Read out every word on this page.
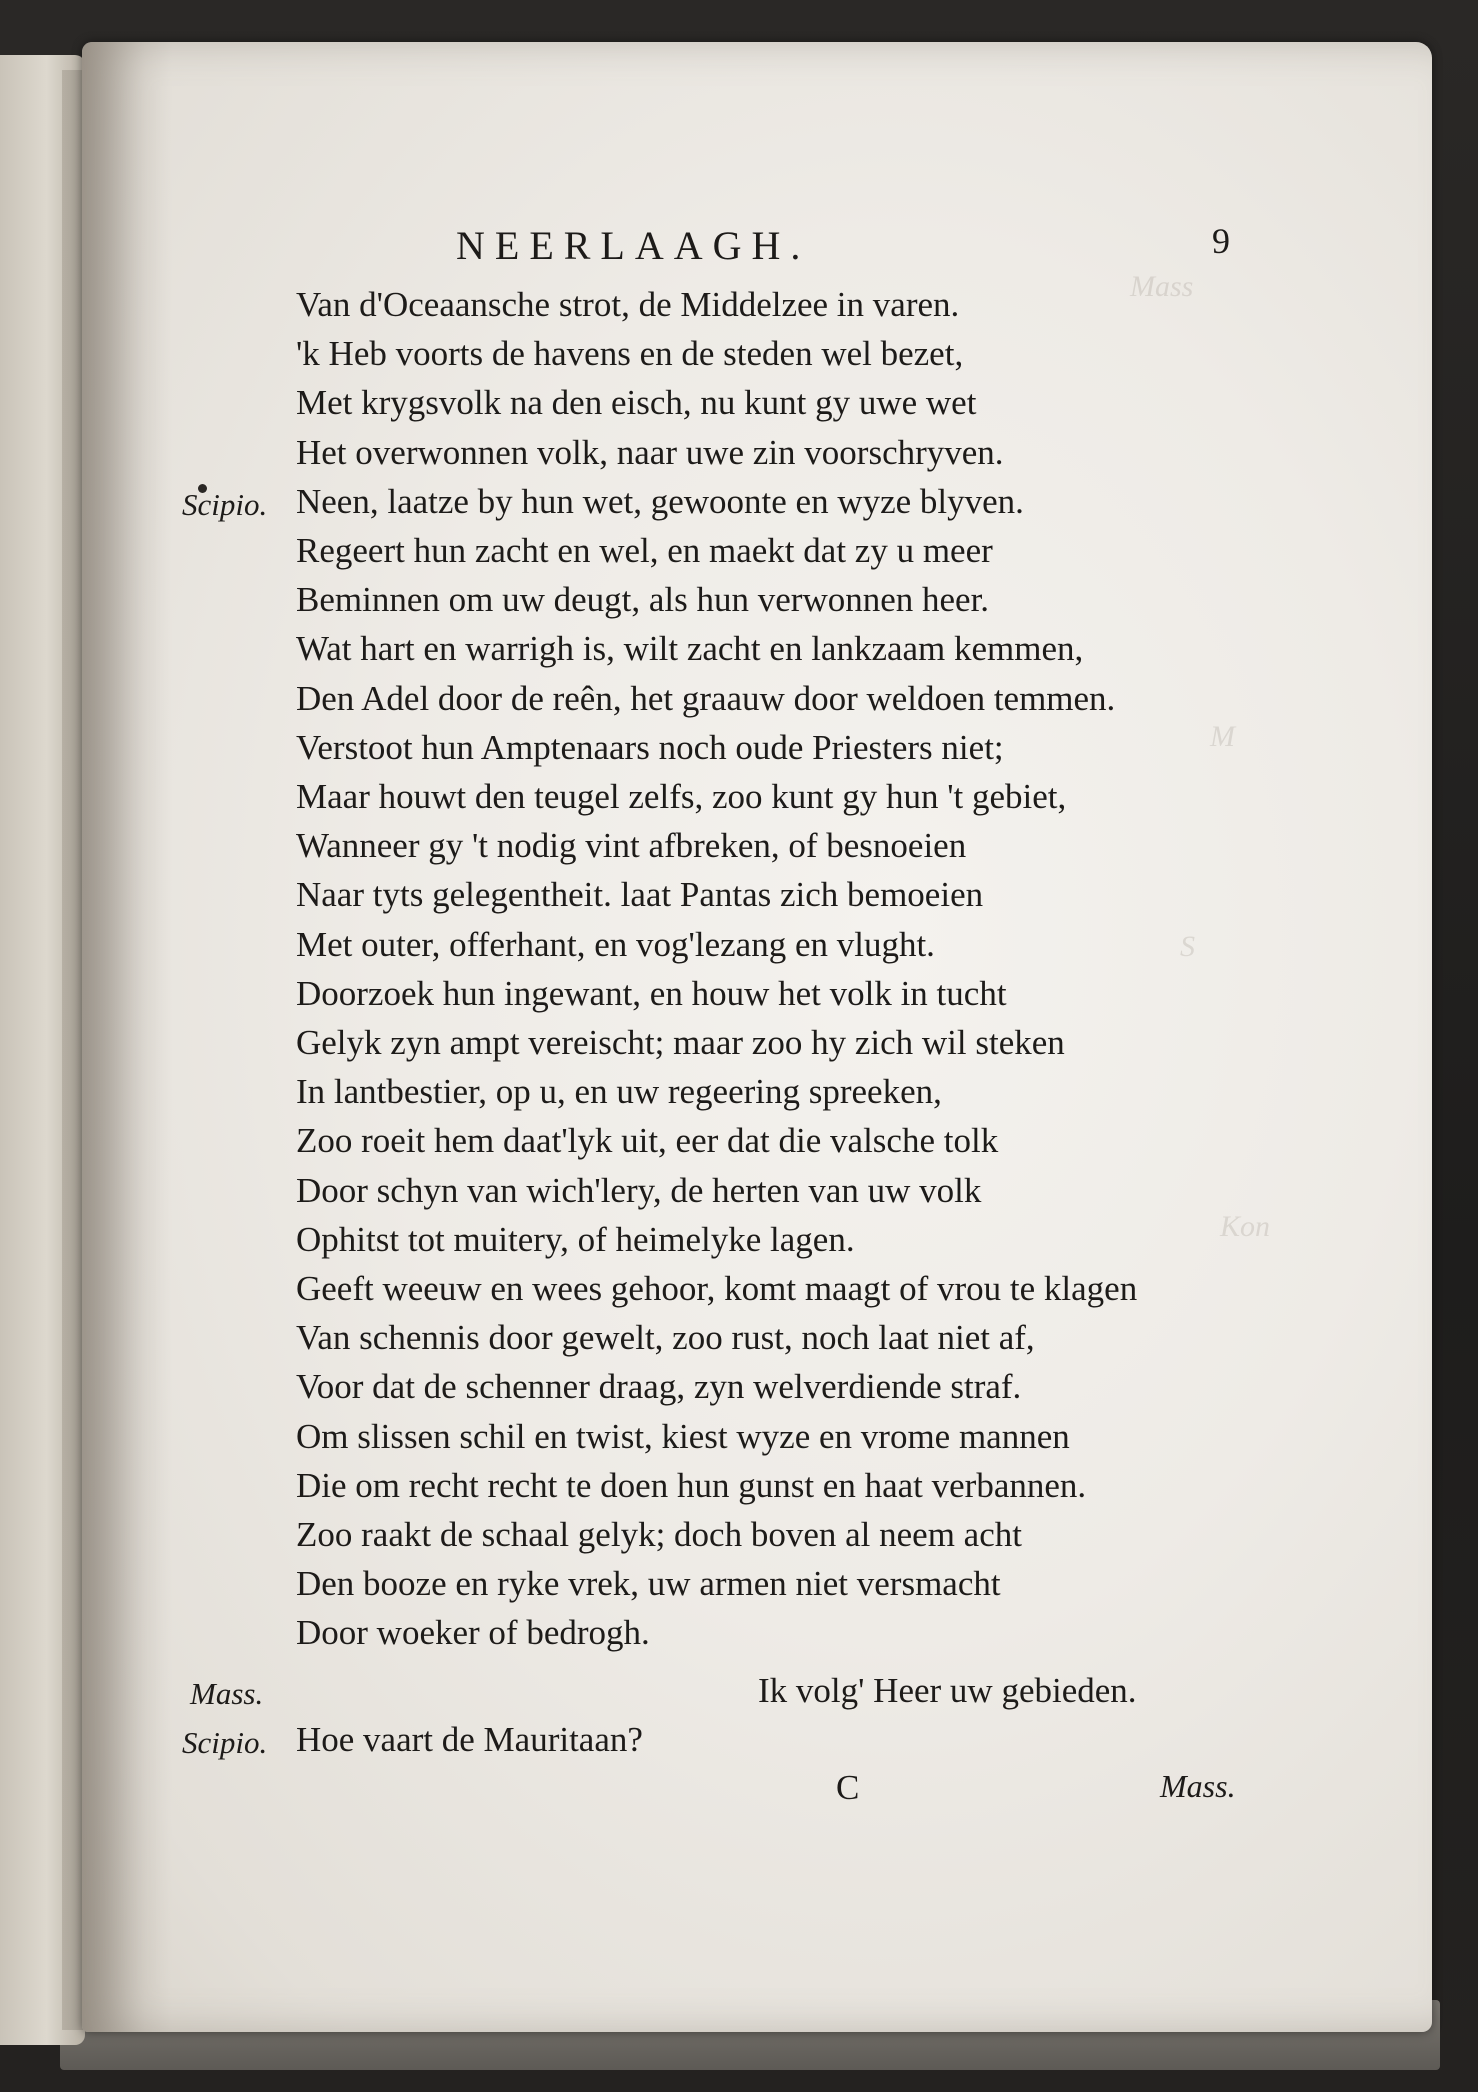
Mass
M
S
Kon
NEERLAAGH.	9
Van d'Oceaansche strot, de Middelzee in varen.
'k Heb voorts de havens en de steden wel bezet,
Met krygsvolk na den eisch, nu kunt gy uwe wet
Het overwonnen volk, naar uwe zin voorschryven.
Neen, laatze by hun wet, gewoonte en wyze blyven.
Scipio.
Regeert hun zacht en wel, en maekt dat zy u meer
Beminnen om uw deugt, als hun verwonnen heer.
Wat hart en warrigh is, wilt zacht en lankzaam kemmen,
Den Adel door de reên, het graauw door weldoen temmen.
Verstoot hun Amptenaars noch oude Priesters niet;
Maar houwt den teugel zelfs, zoo kunt gy hun 't gebiet,
Wanneer gy 't nodig vint afbreken, of besnoeien
Naar tyts gelegentheit. laat Pantas zich bemoeien
Met outer, offerhant, en vog'lezang en vlught.
Doorzoek hun ingewant, en houw het volk in tucht
Gelyk zyn ampt vereischt; maar zoo hy zich wil steken
In lantbestier, op u, en uw regeering spreeken,
Zoo roeit hem daat'lyk uit, eer dat die valsche tolk
Door schyn van wich'lery, de herten van uw volk
Ophitst tot muitery, of heimelyke lagen.
Geeft weeuw en wees gehoor, komt maagt of vrou te klagen
Van schennis door gewelt, zoo rust, noch laat niet af,
Voor dat de schenner draag, zyn welverdiende straf.
Om slissen schil en twist, kiest wyze en vrome mannen
Die om recht recht te doen hun gunst en haat verbannen.
Zoo raakt de schaal gelyk; doch boven al neem acht
Den booze en ryke vrek, uw armen niet versmacht
Door woeker of bedrogh.
Ik volg' Heer uw gebieden.
Mass.
Hoe vaart de Mauritaan?
Scipio.
C	Mass.
